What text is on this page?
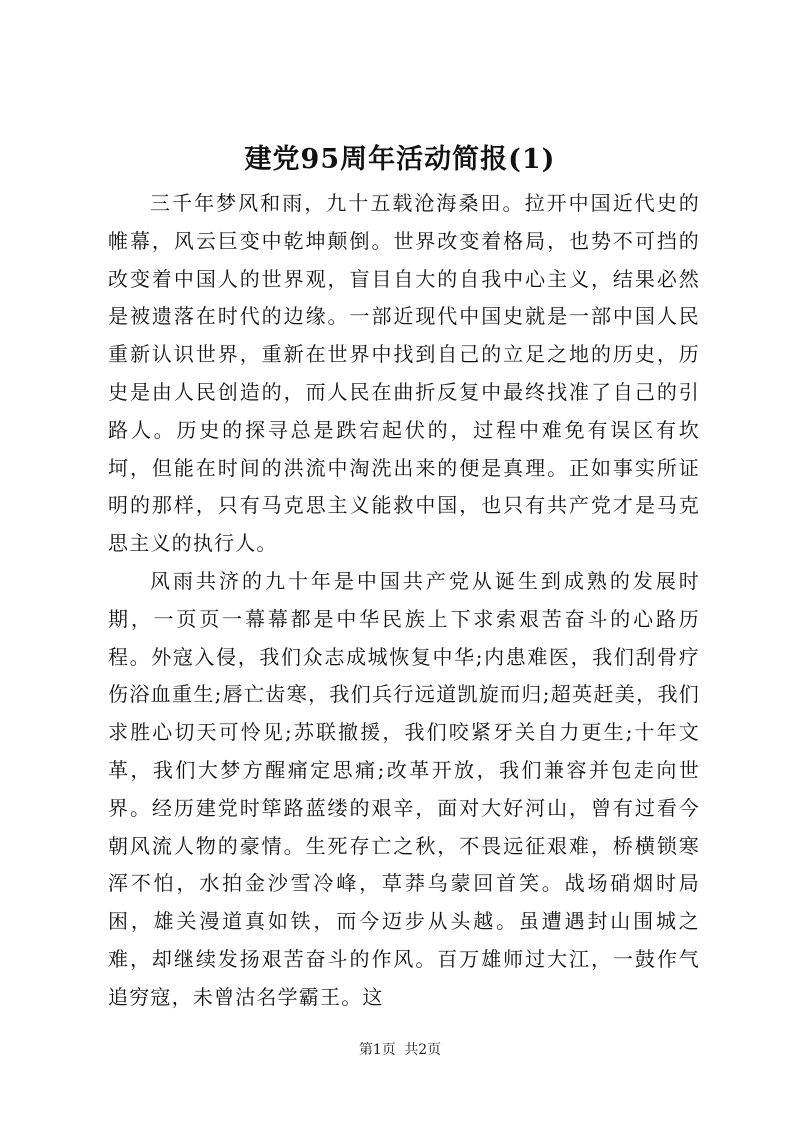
建党95周年活动简报(1)

三千年梦风和雨，九十五载沧海桑田。拉开中国近代史的帷幕，风云巨变中乾坤颠倒。世界改变着格局，也势不可挡的改变着中国人的世界观，盲目自大的自我中心主义，结果必然是被遗落在时代的边缘。一部近现代中国史就是一部中国人民重新认识世界，重新在世界中找到自己的立足之地的历史，历史是由人民创造的，而人民在曲折反复中最终找准了自己的引路人。历史的探寻总是跌宕起伏的，过程中难免有误区有坎坷，但能在时间的洪流中淘洗出来的便是真理。正如事实所证明的那样，只有马克思主义能救中国，也只有共产党才是马克思主义的执行人。

风雨共济的九十年是中国共产党从诞生到成熟的发展时期，一页页一幕幕都是中华民族上下求索艰苦奋斗的心路历程。外寇入侵，我们众志成城恢复中华;内患难医，我们刮骨疗伤浴血重生;唇亡齿寒，我们兵行远道凯旋而归;超英赶美，我们求胜心切天可怜见;苏联撤援，我们咬紧牙关自力更生;十年文革，我们大梦方醒痛定思痛;改革开放，我们兼容并包走向世界。经历建党时筚路蓝缕的艰辛，面对大好河山，曾有过看今朝风流人物的豪情。生死存亡之秋，不畏远征艰难，桥横锁寒浑不怕，水拍金沙雪冷峰，草莽乌蒙回首笑。战场硝烟时局困，雄关漫道真如铁，而今迈步从头越。虽遭遇封山围城之难，却继续发扬艰苦奋斗的作风。百万雄师过大江，一鼓作气追穷寇，未曾沽名学霸王。这

第1页 共2页
